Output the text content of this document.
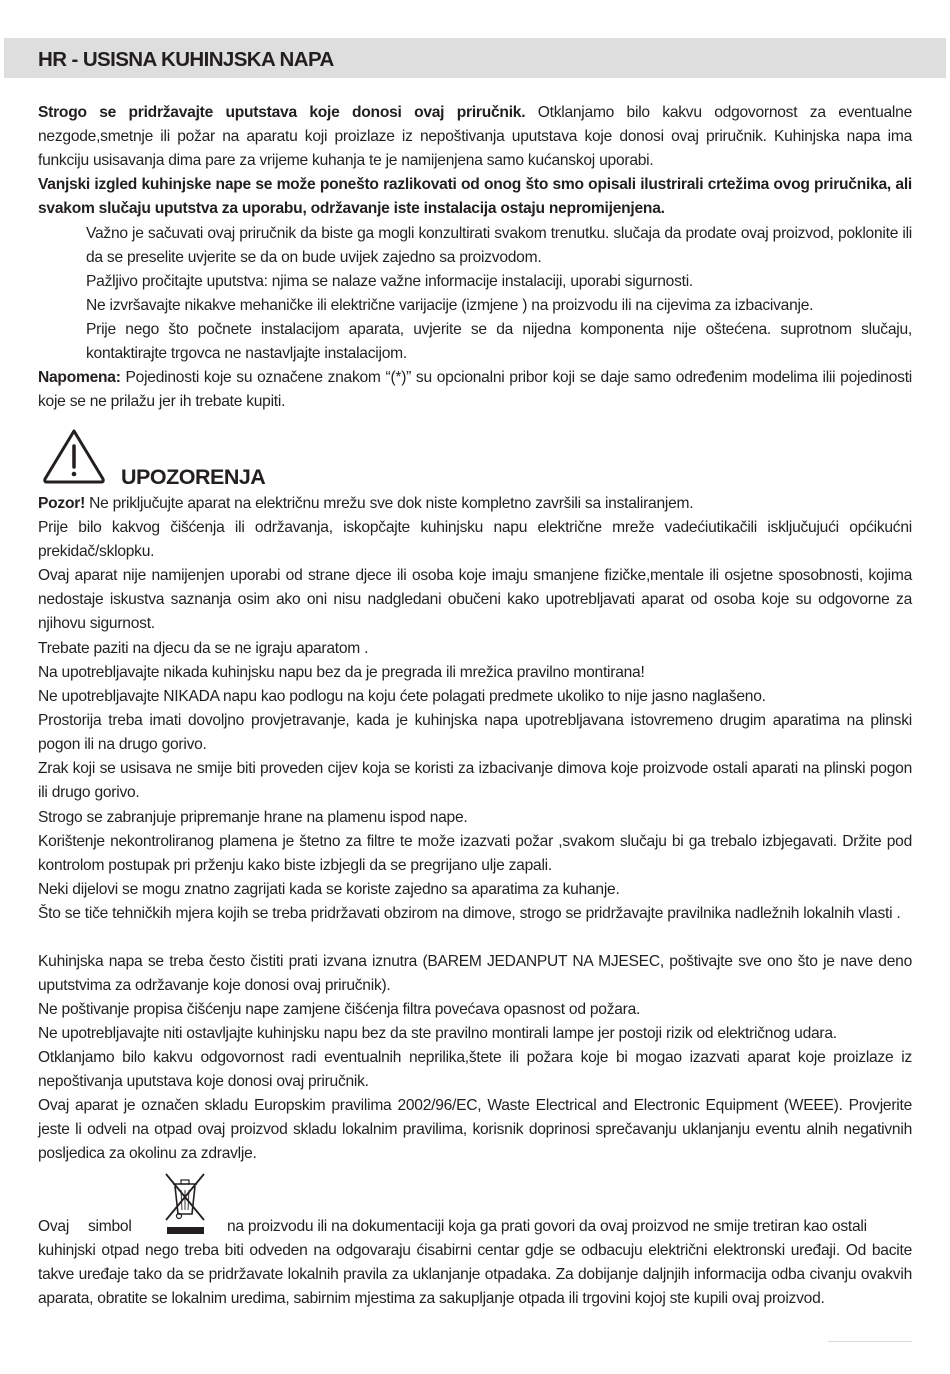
HR - USISNA KUHINJSKA NAPA
Strogo se pridržavajte uputstava koje donosi ovaj priručnik. Otklanjamo bilo kakvu odgovornost za eventualne nezgode,smetnje ili požar na aparatu koji proizlaze iz nepoštivanja uputstava koje donosi ovaj priručnik. Kuhinjska napa ima funkciju usisavanja dima pare za vrijeme kuhanja te je namijenjena samo kućanskoj uporabi.
Vanjski izgled kuhinjske nape se može ponešto razlikovati od onog što smo opisali ilustrirali crtežima ovog priručnika, ali svakom slučaju uputstva za uporabu, održavanje iste instalacija ostaju nepromijenjena.
Važno je sačuvati ovaj priručnik da biste ga mogli konzultirati svakom trenutku. slučaja da prodate ovaj proizvod, poklonite ili da se preselite uvjerite se da on bude uvijek zajedno sa proizvodom.
Pažljivo pročitajte uputstva: njima se nalaze važne informacije instalaciji, uporabi sigurnosti.
Ne izvršavajte nikakve mehaničke ili električne varijacije (izmjene ) na proizvodu ili na cijevima za izbacivanje.
Prije nego što počnete instalacijom aparata, uvjerite se da nijedna komponenta nije oštećena. suprotnom slučaju, kontaktirajte trgovca ne nastavljajte instalacijom.
Napomena: Pojedinosti koje su označene znakom “(*)” su opcionalni pribor koji se daje samo određenim modelima ilii pojedinosti koje se ne prilažu jer ih trebate kupiti.
UPOZORENJA
Pozor! Ne priključujte aparat na električnu mrežu sve dok niste kompletno završili sa instaliranjem.
Prije bilo kakvog čišćenja ili održavanja, iskopčajte kuhinjsku napu električne mreže vadećiutikačili isključujući općikućni prekidač/sklopku.
Ovaj aparat nije namijenjen uporabi od strane djece ili osoba koje imaju smanjene fizičke,mentale ili osjetne sposobnosti, kojima nedostaje iskustva saznanja osim ako oni nisu nadgledani obučeni kako upotrebljavati aparat od osoba koje su odgovorne za njihovu sigurnost.
Trebate paziti na djecu da se ne igraju aparatom .
Na upotrebljavajte nikada kuhinjsku napu bez da je pregrada ili mrežica pravilno montirana!
Ne upotrebljavajte NIKADA napu kao podlogu na koju ćete polagati predmete ukoliko to nije jasno naglašeno.
Prostorija treba imati dovoljno provjetravanje, kada je kuhinjska napa upotrebljavana istovremeno drugim aparatima na plinski pogon ili na drugo gorivo.
Zrak koji se usisava ne smije biti proveden cijev koja se koristi za izbacivanje dimova koje proizvode ostali aparati na plinski pogon ili drugo gorivo.
Strogo se zabranjuje pripremanje hrane na plamenu ispod nape.
Korištenje nekontroliranog plamena je štetno za filtre te može izazvati požar ,svakom slučaju bi ga trebalo izbjegavati. Držite pod kontrolom postupak pri prženju kako biste izbjegli da se pregrijano ulje zapali.
Neki dijelovi se mogu znatno zagrijati kada se koriste zajedno sa aparatima za kuhanje.
Što se tiče tehničkih mjera kojih se treba pridržavati obzirom na dimove, strogo se pridržavajte pravilnika nadležnih lokalnih vlasti .
Kuhinjska napa se treba često čistiti prati izvana iznutra (BAREM JEDANPUT NA MJESEC, poštivajte sve ono što je nave deno uputstvima za održavanje koje donosi ovaj priručnik).
Ne poštivanje propisa čišćenju nape zamjene čišćenja filtra povećava opasnost od požara.
Ne upotrebljavajte niti ostavljajte kuhinjsku napu bez da ste pravilno montirali lampe jer postoji rizik od električnog udara.
Otklanjamo bilo kakvu odgovornost radi eventualnih neprilika,štete ili požara koje bi mogao izazvati aparat koje proizlaze iz nepoštivanja uputstava koje donosi ovaj priručnik.
Ovaj aparat je označen skladu Europskim pravilima 2002/96/EC, Waste Electrical and Electronic Equipment (WEEE). Provjerite jeste li odveli na otpad ovaj proizvod skladu lokalnim pravilima, korisnik doprinosi sprečavanju uklanjanju eventu alnih negativnih posljedica za okolinu za zdravlje.
Ovaj	simbol	na proizvodu ili na dokumentaciji koja ga prati govori da ovaj proizvod ne smije tretiran kao ostali
kuhinjski otpad nego treba biti odveden na odgovaraju ćisabirni centar gdje se odbacuju električni elektronski uređaji. Od bacite takve uređaje tako da se pridržavate lokalnih pravila za uklanjanje otpadaka. Za dobijanje daljnjih informacija odba civanju ovakvih aparata, obratite se lokalnim uredima, sabirnim mjestima za sakupljanje otpada ili trgovini kojoj ste kupili ovaj proizvod.
